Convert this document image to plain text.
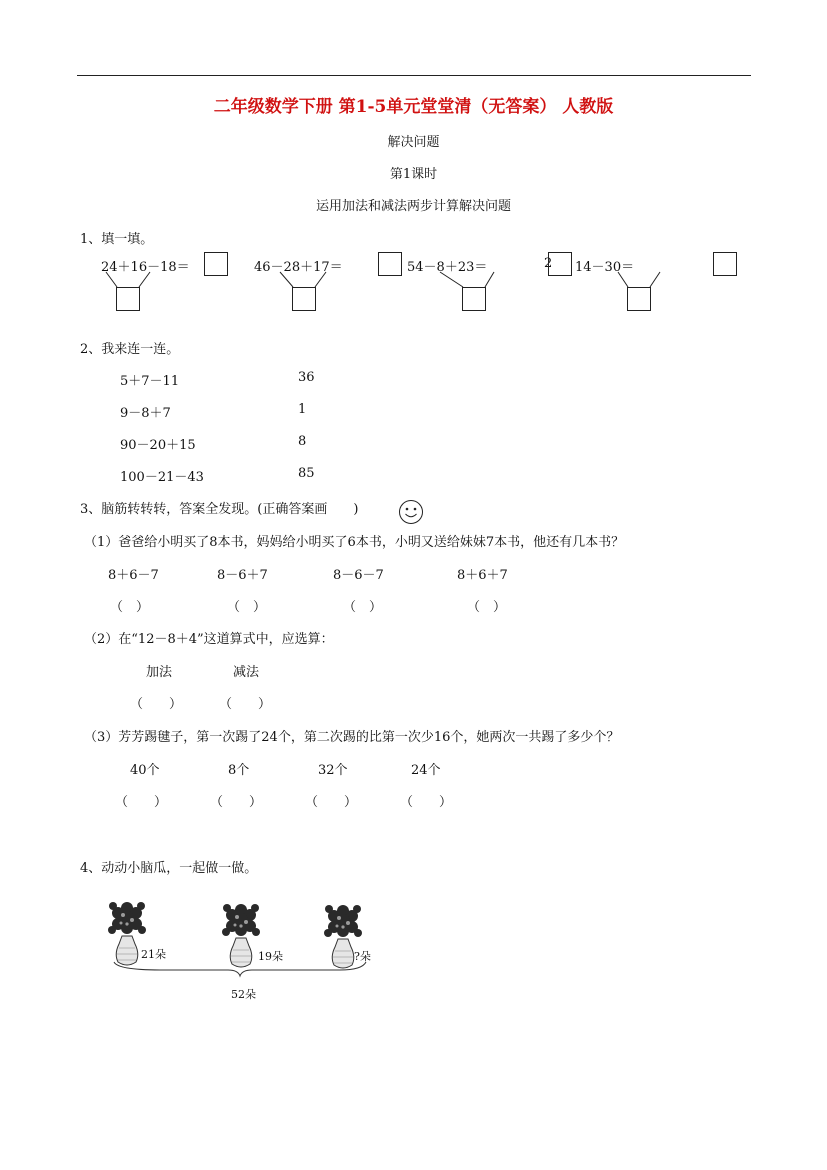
二年级数学下册 第1-5单元堂堂清（无答案） 人教版
解决问题
第1课时
运用加法和减法两步计算解决问题
1、填一填。
24＋16－18＝	46－28＋17＝	54－8＋23＝	2 14－30＝
2、我来连一连。
5＋7－11
9－8＋7
90－20＋15
100－21－43
36
1
8
85
3、脑筋转转转，答案全发现。(正确答案画　　)
（1）爸爸给小明买了8本书，妈妈给小明买了6本书，小明又送给妹妹7本书，他还有几本书？
8＋6－7	8－6＋7	8－6－7	8＋6＋7
（　）	（　）	（　）	（　）
（2）在“12－8＋4”这道算式中，应选算：
加法	减法
（　　）	（　　）
（3）芳芳踢毽子，第一次踢了24个，第二次踢的比第一次少16个，她两次一共踢了多少个？
40个	8个	32个	24个
（　　）	（　　）	（　　）	（　　）
4、动动小脑瓜，一起做一做。
21朵	19朵	?朵
52朵
